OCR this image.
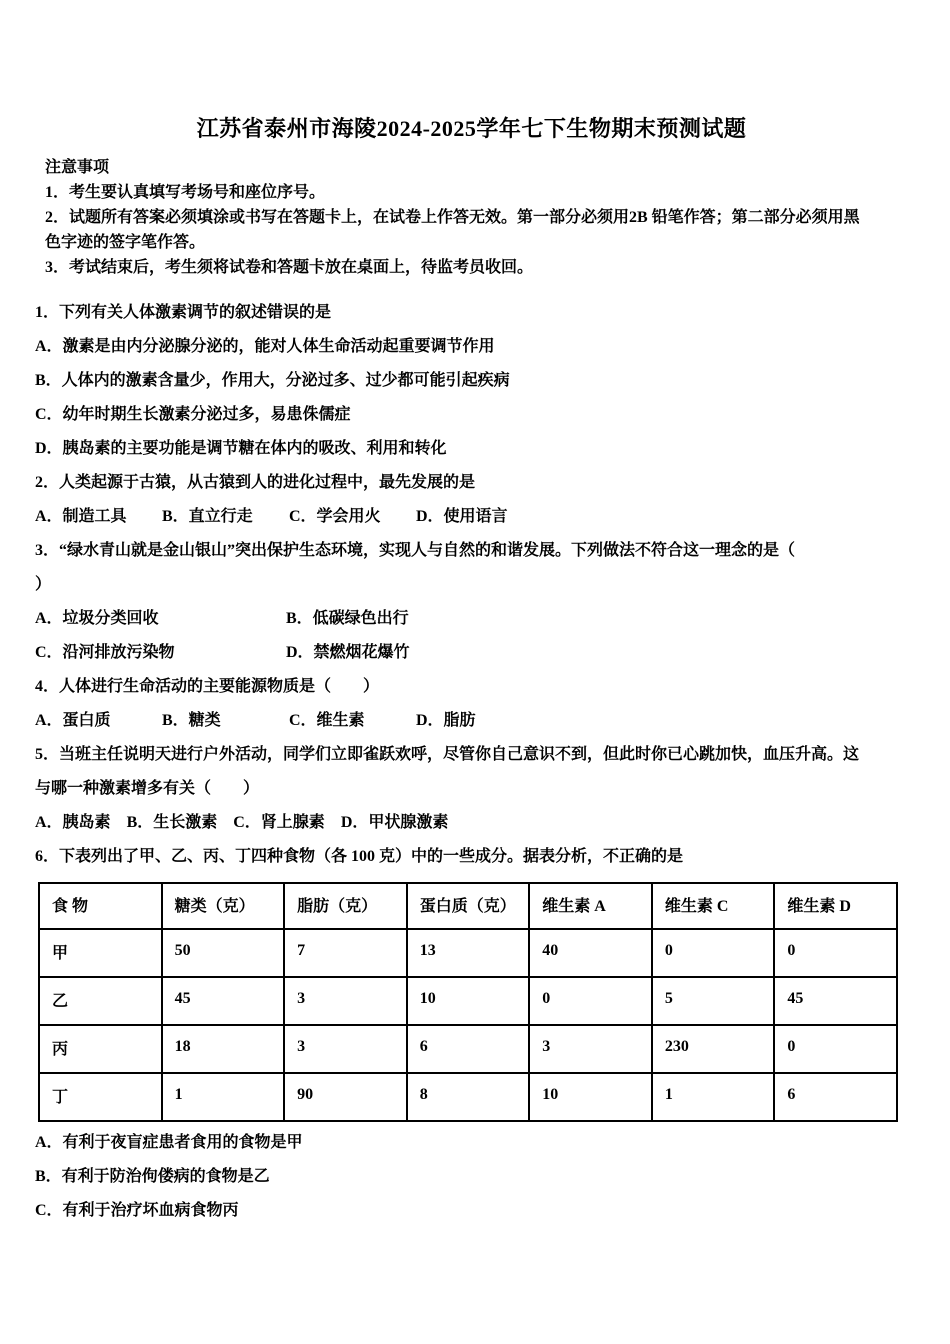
江苏省泰州市海陵2024-2025学年七下生物期末预测试题
注意事项
1．考生要认真填写考场号和座位序号。
2．试题所有答案必须填涂或书写在答题卡上，在试卷上作答无效。第一部分必须用2B 铅笔作答；第二部分必须用黑
色字迹的签字笔作答。
3．考试结束后，考生须将试卷和答题卡放在桌面上，待监考员收回。
1．下列有关人体激素调节的叙述错误的是
A．激素是由内分泌腺分泌的，能对人体生命活动起重要调节作用
B．人体内的激素含量少，作用大，分泌过多、过少都可能引起疾病
C．幼年时期生长激素分泌过多，易患侏儒症
D．胰岛素的主要功能是调节糖在体内的吸改、利用和转化
2．人类起源于古猿，从古猿到人的进化过程中，最先发展的是
A．制造工具 B．直立行走 C．学会用火 D．使用语言
3．“绿水青山就是金山银山”突出保护生态环境，实现人与自然的和谐发展。下列做法不符合这一理念的是（
）
A．垃圾分类回收	B．低碳绿色出行
C．沿河排放污染物	D．禁燃烟花爆竹
4．人体进行生命活动的主要能源物质是（　　）
A．蛋白质	B．糖类	C．维生素	D．脂肪
5．当班主任说明天进行户外活动，同学们立即雀跃欢呼，尽管你自己意识不到，但此时你已心跳加快，血压升高。这
与哪一种激素增多有关（　　）
A．胰岛素 B．生长激素 C．肾上腺素 D．甲状腺激素
6．下表列出了甲、乙、丙、丁四种食物（各 100 克）中的一些成分。据表分析，不正确的是
食 物	糖类（克）	脂肪（克）	蛋白质（克）	维生素 A	维生素 C	维生素 D
甲	50	7	13	40	0	0
乙	45	3	10	0	5	45
丙	18	3	6	3	230	0
丁	1	90	8	10	1	6
A．有利于夜盲症患者食用的食物是甲
B．有利于防治佝偻病的食物是乙
C．有利于治疗坏血病食物丙
